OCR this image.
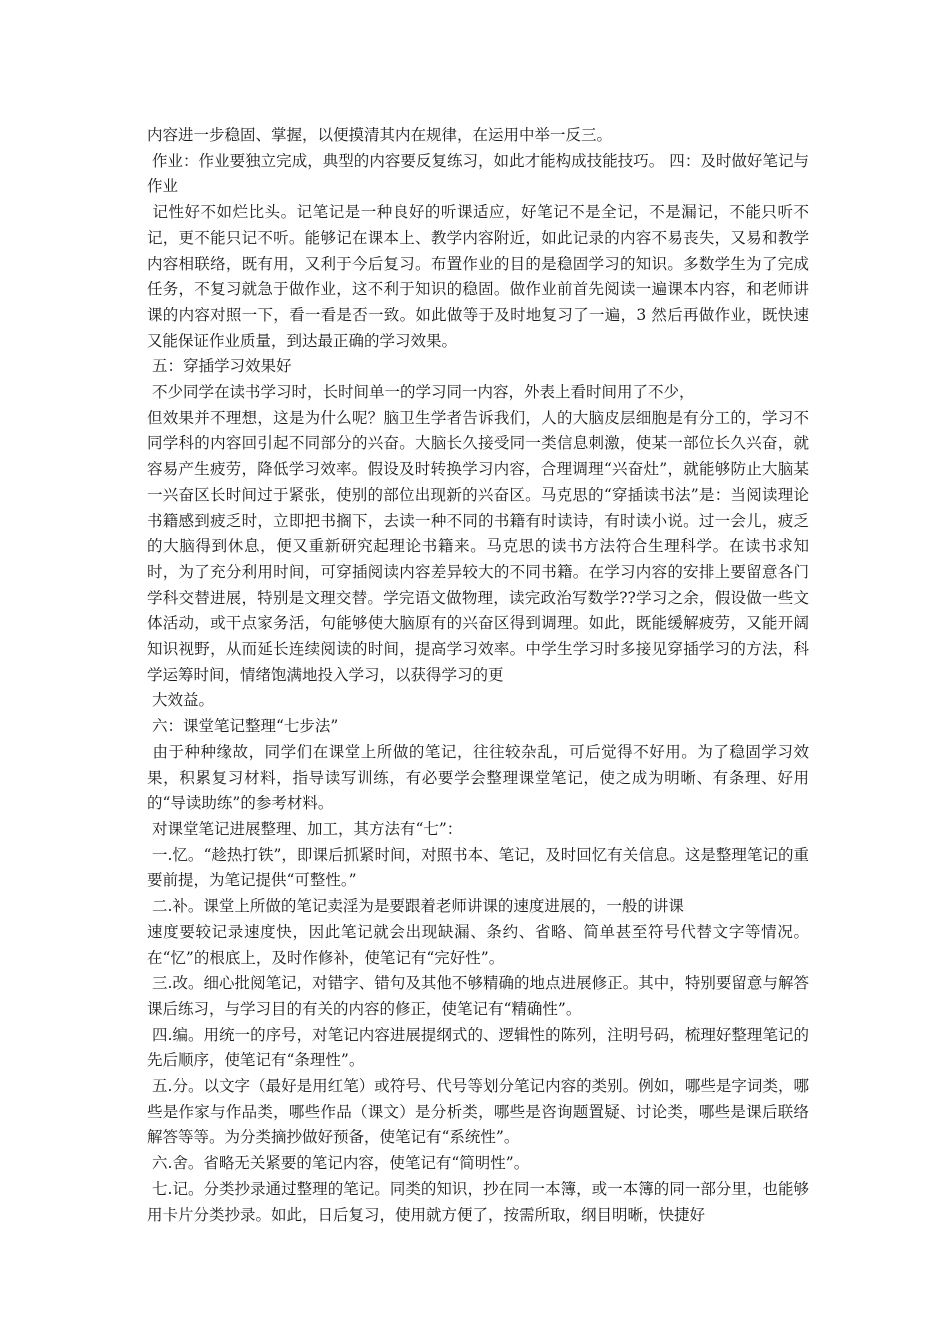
内容进一步稳固、掌握，以便摸清其内在规律，在运用中举一反三。

作业：作业要独立完成，典型的内容要反复练习，如此才能构成技能技巧。 四：及时做好笔记与作业

记性好不如烂比头。记笔记是一种良好的听课适应，好笔记不是全记，不是漏记，不能只听不记，更不能只记不听。能够记在课本上、教学内容附近，如此记录的内容不易丧失，又易和教学内容相联络，既有用，又利于今后复习。布置作业的目的是稳固学习的知识。多数学生为了完成任务，不复习就急于做作业，这不利于知识的稳固。做作业前首先阅读一遍课本内容，和老师讲课的内容对照一下，看一看是否一致。如此做等于及时地复习了一遍，3 然后再做作业，既快速又能保证作业质量，到达最正确的学习效果。

五：穿插学习效果好

不少同学在读书学习时，长时间单一的学习同一内容，外表上看时间用了不少，

但效果并不理想，这是为什么呢？脑卫生学者告诉我们，人的大脑皮层细胞是有分工的，学习不同学科的内容回引起不同部分的兴奋。大脑长久接受同一类信息刺激，使某一部位长久兴奋，就容易产生疲劳，降低学习效率。假设及时转换学习内容，合理调理“兴奋灶”，就能够防止大脑某一兴奋区长时间过于紧张，使别的部位出现新的兴奋区。马克思的“穿插读书法”是：当阅读理论书籍感到疲乏时，立即把书搁下，去读一种不同的书籍有时读诗，有时读小说。过一会儿，疲乏的大脑得到休息，便又重新研究起理论书籍来。马克思的读书方法符合生理科学。在读书求知时，为了充分利用时间，可穿插阅读内容差异较大的不同书籍。在学习内容的安排上要留意各门学科交替进展，特别是文理交替。学完语文做物理，读完政治写数学??学习之余，假设做一些文体活动，或干点家务活，句能够使大脑原有的兴奋区得到调理。如此，既能缓解疲劳，又能开阔知识视野，从而延长连续阅读的时间，提高学习效率。中学生学习时多接见穿插学习的方法，科学运筹时间，情绪饱满地投入学习，以获得学习的更

大效益。

六：课堂笔记整理“七步法”

由于种种缘故，同学们在课堂上所做的笔记，往往较杂乱，可后觉得不好用。为了稳固学习效果，积累复习材料，指导读写训练，有必要学会整理课堂笔记，使之成为明晰、有条理、好用的“导读助练”的参考材料。

对课堂笔记进展整理、加工，其方法有“七”：

一.忆。“趁热打铁”，即课后抓紧时间，对照书本、笔记，及时回忆有关信息。这是整理笔记的重要前提，为笔记提供“可整性。”

二.补。课堂上所做的笔记卖淫为是要跟着老师讲课的速度进展的，一般的讲课

速度要较记录速度快，因此笔记就会出现缺漏、条约、省略、简单甚至符号代替文字等情况。在“忆”的根底上，及时作修补，使笔记有“完好性”。

三.改。细心批阅笔记，对错字、错句及其他不够精确的地点进展修正。其中，特别要留意与解答课后练习，与学习目的有关的内容的修正，使笔记有“精确性”。

四.编。用统一的序号，对笔记内容进展提纲式的、逻辑性的陈列，注明号码，梳理好整理笔记的先后顺序，使笔记有“条理性”。

五.分。以文字（最好是用红笔）或符号、代号等划分笔记内容的类别。例如，哪些是字词类，哪些是作家与作品类，哪些作品（课文）是分析类，哪些是咨询题置疑、讨论类，哪些是课后联络解答等等。为分类摘抄做好预备，使笔记有“系统性”。

六.舍。省略无关紧要的笔记内容，使笔记有“简明性”。

七.记。分类抄录通过整理的笔记。同类的知识，抄在同一本簿，或一本簿的同一部分里，也能够用卡片分类抄录。如此，日后复习，使用就方便了，按需所取，纲目明晰，快捷好
